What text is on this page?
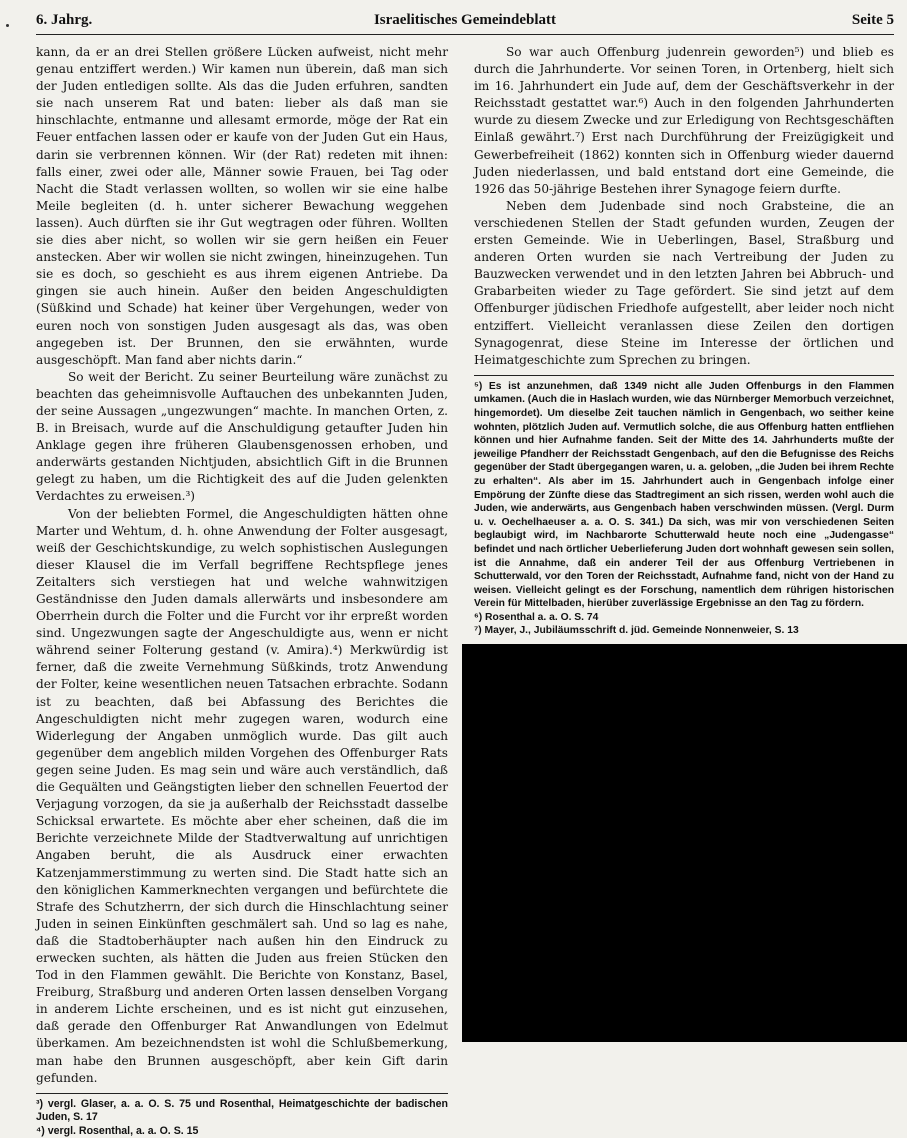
6. Jahrg.	Israelitisches Gemeindeblatt	Seite 5

kann, da er an drei Stellen größere Lücken aufweist, nicht mehr genau entziffert werden.) Wir kamen nun überein, daß man sich der Juden entledigen sollte. Als das die Juden erfuhren, sandten sie nach unserem Rat und baten: lieber als daß man sie hinschlachte, entmanne und allesamt ermorde, möge der Rat ein Feuer entfachen lassen oder er kaufe von der Juden Gut ein Haus, darin sie verbrennen können. Wir (der Rat) redeten mit ihnen: falls einer, zwei oder alle, Männer sowie Frauen, bei Tag oder Nacht die Stadt verlassen wollten, so wollen wir sie eine halbe Meile begleiten (d. h. unter sicherer Bewachung weggehen lassen). Auch dürften sie ihr Gut wegtragen oder führen. Wollten sie dies aber nicht, so wollen wir sie gern heißen ein Feuer anstecken. Aber wir wollen sie nicht zwingen, hineinzugehen. Tun sie es doch, so geschieht es aus ihrem eigenen Antriebe. Da gingen sie auch hinein. Außer den beiden Angeschuldigten (Süßkind und Schade) hat keiner über Vergehungen, weder von euren noch von sonstigen Juden ausgesagt als das, was oben angegeben ist. Der Brunnen, den sie erwähnten, wurde ausgeschöpft. Man fand aber nichts darin.“

So weit der Bericht. Zu seiner Beurteilung wäre zunächst zu beachten das geheimnisvolle Auftauchen des unbekannten Juden, der seine Aussagen „ungezwungen“ machte. In manchen Orten, z. B. in Breisach, wurde auf die Anschuldigung getaufter Juden hin Anklage gegen ihre früheren Glaubensgenossen erhoben, und anderwärts gestanden Nichtjuden, absichtlich Gift in die Brunnen gelegt zu haben, um die Richtigkeit des auf die Juden gelenkten Verdachtes zu erweisen.³)

Von der beliebten Formel, die Angeschuldigten hätten ohne Marter und Wehtum, d. h. ohne Anwendung der Folter ausgesagt, weiß der Geschichtskundige, zu welch sophistischen Auslegungen dieser Klausel die im Verfall begriffene Rechtspflege jenes Zeitalters sich verstiegen hat und welche wahnwitzigen Geständnisse den Juden damals allerwärts und insbesondere am Oberrhein durch die Folter und die Furcht vor ihr erpreßt worden sind. Ungezwungen sagte der Angeschuldigte aus, wenn er nicht während seiner Folterung gestand (v. Amira).⁴) Merkwürdig ist ferner, daß die zweite Vernehmung Süßkinds, trotz Anwendung der Folter, keine wesentlichen neuen Tatsachen erbrachte. Sodann ist zu beachten, daß bei Abfassung des Berichtes die Angeschuldigten nicht mehr zugegen waren, wodurch eine Widerlegung der Angaben unmöglich wurde. Das gilt auch gegenüber dem angeblich milden Vorgehen des Offenburger Rats gegen seine Juden. Es mag sein und wäre auch verständlich, daß die Gequälten und Geängstigten lieber den schnellen Feuertod der Verjagung vorzogen, da sie ja außerhalb der Reichsstadt dasselbe Schicksal erwartete. Es möchte aber eher scheinen, daß die im Berichte verzeichnete Milde der Stadtverwaltung auf unrichtigen Angaben beruht, die als Ausdruck einer erwachten Katzenjammerstimmung zu werten sind. Die Stadt hatte sich an den königlichen Kammerknechten vergangen und befürchtete die Strafe des Schutzherrn, der sich durch die Hinschlachtung seiner Juden in seinen Einkünften geschmälert sah. Und so lag es nahe, daß die Stadtoberhäupter nach außen hin den Eindruck zu erwecken suchten, als hätten die Juden aus freien Stücken den Tod in den Flammen gewählt. Die Berichte von Konstanz, Basel, Freiburg, Straßburg und anderen Orten lassen denselben Vorgang in anderem Lichte erscheinen, und es ist nicht gut einzusehen, daß gerade den Offenburger Rat Anwandlungen von Edelmut überkamen. Am bezeichnendsten ist wohl die Schlußbemerkung, man habe den Brunnen ausgeschöpft, aber kein Gift darin gefunden.

³) vergl. Glaser, a. a. O. S. 75 und Rosenthal, Heimatgeschichte der badischen Juden, S. 17

⁴) vergl. Rosenthal, a. a. O. S. 15

So war auch Offenburg judenrein geworden⁵) und blieb es durch die Jahrhunderte. Vor seinen Toren, in Ortenberg, hielt sich im 16. Jahrhundert ein Jude auf, dem der Geschäftsverkehr in der Reichsstadt gestattet war.⁶) Auch in den folgenden Jahrhunderten wurde zu diesem Zwecke und zur Erledigung von Rechtsgeschäften Einlaß gewährt.⁷) Erst nach Durchführung der Freizügigkeit und Gewerbefreiheit (1862) konnten sich in Offenburg wieder dauernd Juden niederlassen, und bald entstand dort eine Gemeinde, die 1926 das 50-jährige Bestehen ihrer Synagoge feiern durfte.

Neben dem Judenbade sind noch Grabsteine, die an verschiedenen Stellen der Stadt gefunden wurden, Zeugen der ersten Gemeinde. Wie in Ueberlingen, Basel, Straßburg und anderen Orten wurden sie nach Vertreibung der Juden zu Bauzwecken verwendet und in den letzten Jahren bei Abbruch- und Grabarbeiten wieder zu Tage gefördert. Sie sind jetzt auf dem Offenburger jüdischen Friedhofe aufgestellt, aber leider noch nicht entziffert. Vielleicht veranlassen diese Zeilen den dortigen Synagogenrat, diese Steine im Interesse der örtlichen und Heimatgeschichte zum Sprechen zu bringen.

⁵) Es ist anzunehmen, daß 1349 nicht alle Juden Offenburgs in den Flammen umkamen. (Auch die in Haslach wurden, wie das Nürnberger Memorbuch verzeichnet, hingemordet). Um dieselbe Zeit tauchen nämlich in Gengenbach, wo seither keine wohnten, plötzlich Juden auf. Vermutlich solche, die aus Offenburg hatten entfliehen können und hier Aufnahme fanden. Seit der Mitte des 14. Jahrhunderts mußte der jeweilige Pfandherr der Reichsstadt Gengenbach, auf den die Befugnisse des Reichs gegenüber der Stadt übergegangen waren, u. a. geloben, „die Juden bei ihrem Rechte zu erhalten“. Als aber im 15. Jahrhundert auch in Gengenbach infolge einer Empörung der Zünfte diese das Stadtregiment an sich rissen, werden wohl auch die Juden, wie anderwärts, aus Gengenbach haben verschwinden müssen. (Vergl. Durm u. v. Oechelhaeuser a. a. O. S. 341.) Da sich, was mir von verschiedenen Seiten beglaubigt wird, im Nachbarorte Schutterwald heute noch eine „Judengasse“ befindet und nach örtlicher Ueberlieferung Juden dort wohnhaft gewesen sein sollen, ist die Annahme, daß ein anderer Teil der aus Offenburg Vertriebenen in Schutterwald, vor den Toren der Reichsstadt, Aufnahme fand, nicht von der Hand zu weisen. Vielleicht gelingt es der Forschung, namentlich dem rührigen historischen Verein für Mittelbaden, hierüber zuverlässige Ergebnisse an den Tag zu fördern.

⁶) Rosenthal a. a. O. S. 74

⁷) Mayer, J., Jubiläumsschrift d. jüd. Gemeinde Nonnenweier, S. 13
